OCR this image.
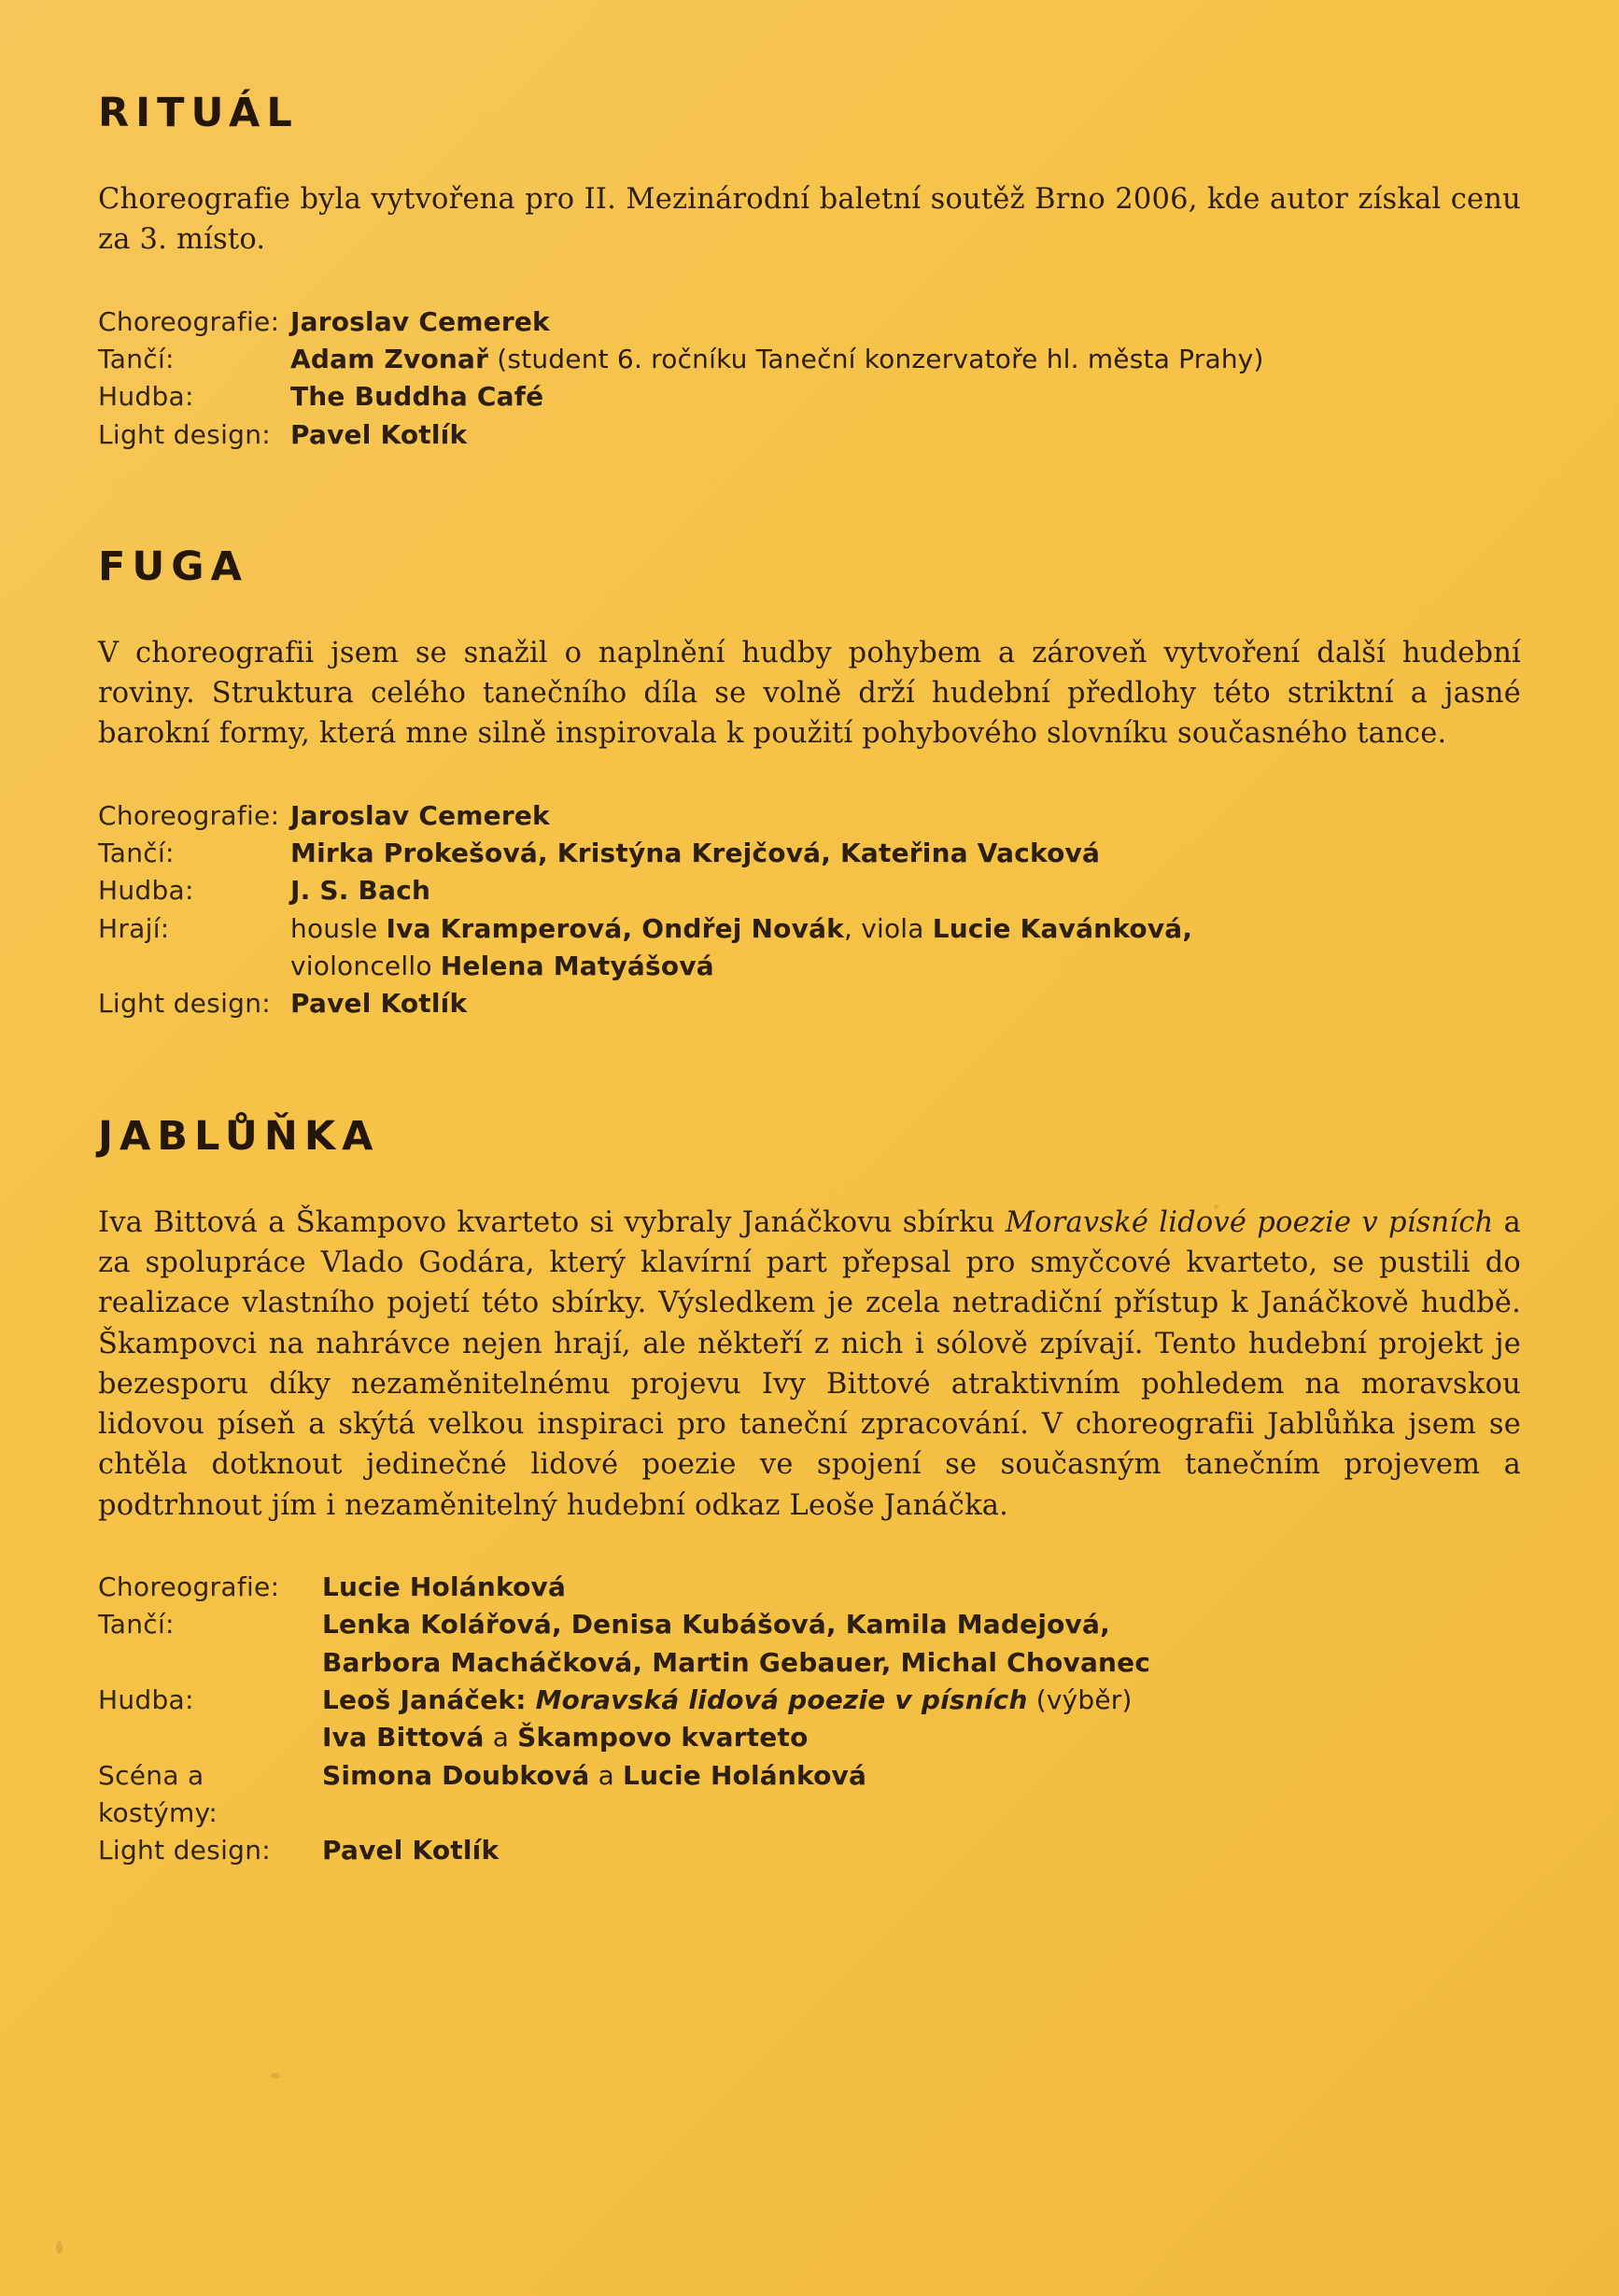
RITUÁL

Choreografie byla vytvořena pro II. Mezinárodní baletní soutěž Brno 2006, kde autor získal cenu za 3. místo.

Choreografie: Jaroslav Cemerek
Tančí:	Adam Zvonař (student 6. ročníku Taneční konzervatoře hl. města Prahy)
Hudba:	The Buddha Café
Light design: Pavel Kotlík
FUGA

V choreografii jsem se snažil o naplnění hudby pohybem a zároveň vytvoření další hudební roviny. Struktura celého tanečního díla se volně drží hudební předlohy této striktní a jasné barokní formy, která mne silně inspirovala k použití pohybového slovníku současného tance.

Choreografie: Jaroslav Cemerek
Tančí:	Mirka Prokešová, Kristýna Krejčová, Kateřina Vacková
Hudba:	J. S. Bach
Hrají:	housle Iva Kramperová, Ondřej Novák, viola Lucie Kavánková,
violoncello Helena Matyášová
Light design: Pavel Kotlík
JABLŮŇKA

Iva Bittová a Škampovo kvarteto si vybraly Janáčkovu sbírku Moravské lidové poezie v písních a za spolupráce Vlado Godára, který klavírní part přepsal pro smyčcové kvarteto, se pustili do realizace vlastního pojetí této sbírky. Výsledkem je zcela netradiční přístup k Janáčkově hudbě. Škampovci na nahrávce nejen hrají, ale někteří z nich i sólově zpívají. Tento hudební projekt je bezesporu díky nezaměnitelnému projevu Ivy Bittové atraktivním pohledem na moravskou lidovou píseň a skýtá velkou inspiraci pro taneční zpracování. V choreografii Jablůňka jsem se chtěla dotknout jedinečné lidové poezie ve spojení se současným tanečním projevem a podtrhnout jím i nezaměnitelný hudební odkaz Leoše Janáčka.

Choreografie:	Lucie Holánková
Tančí:	Lenka Kolářová, Denisa Kubášová, Kamila Madejová,
Barbora Macháčková, Martin Gebauer, Michal Chovanec
Hudba:	Leoš Janáček: Moravská lidová poezie v písních (výběr)
Iva Bittová a Škampovo kvarteto
Scéna a kostýmy:
Simona Doubková a Lucie Holánková
Light design:	Pavel Kotlík
